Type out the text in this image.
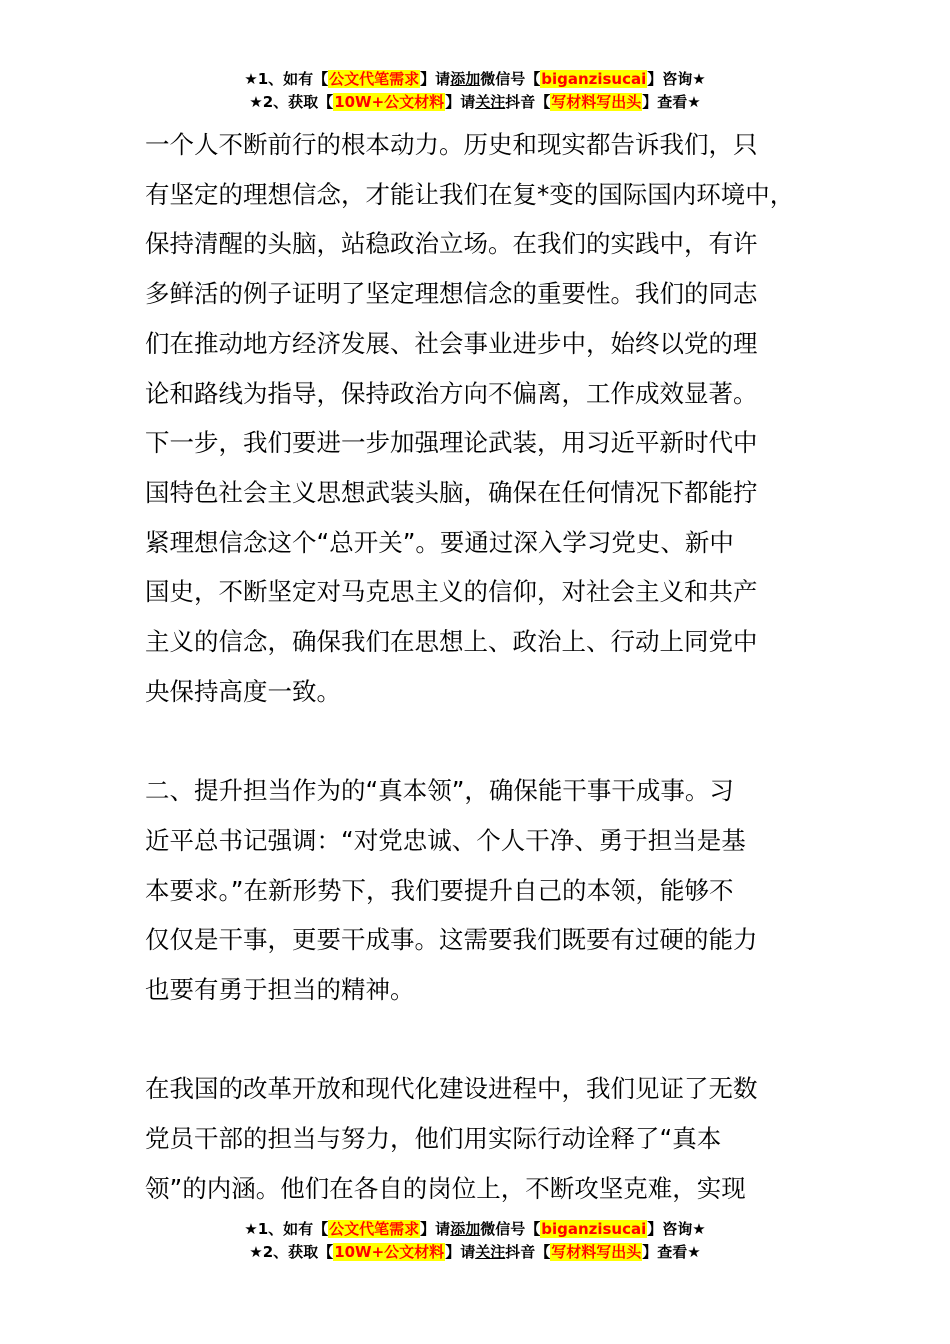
★1、如有【公文代笔需求】请添加微信号【biganzisucai】咨询★
★2、获取【10W+公文材料】请关注抖音【写材料写出头】查看★

一个人不断前行的根本动力。历史和现实都告诉我们，只

有坚定的理想信念，才能让我们在复*变的国际国内环境中，

保持清醒的头脑，站稳政治立场。在我们的实践中，有许

多鲜活的例子证明了坚定理想信念的重要性。我们的同志

们在推动地方经济发展、社会事业进步中，始终以党的理

论和路线为指导，保持政治方向不偏离，工作成效显著。

下一步，我们要进一步加强理论武装，用习近平新时代中

国特色社会主义思想武装头脑，确保在任何情况下都能拧

紧理想信念这个“总开关”。要通过深入学习党史、新中

国史，不断坚定对马克思主义的信仰，对社会主义和共产

主义的信念，确保我们在思想上、政治上、行动上同党中

央保持高度一致。

二、提升担当作为的“真本领”，确保能干事干成事。习

近平总书记强调：“对党忠诚、个人干净、勇于担当是基

本要求。”在新形势下，我们要提升自己的本领，能够不

仅仅是干事，更要干成事。这需要我们既要有过硬的能力

也要有勇于担当的精神。

在我国的改革开放和现代化建设进程中，我们见证了无数

党员干部的担当与努力，他们用实际行动诠释了“真本

领”的内涵。他们在各自的岗位上，不断攻坚克难，实现

★1、如有【公文代笔需求】请添加微信号【biganzisucai】咨询★
★2、获取【10W+公文材料】请关注抖音【写材料写出头】查看★
